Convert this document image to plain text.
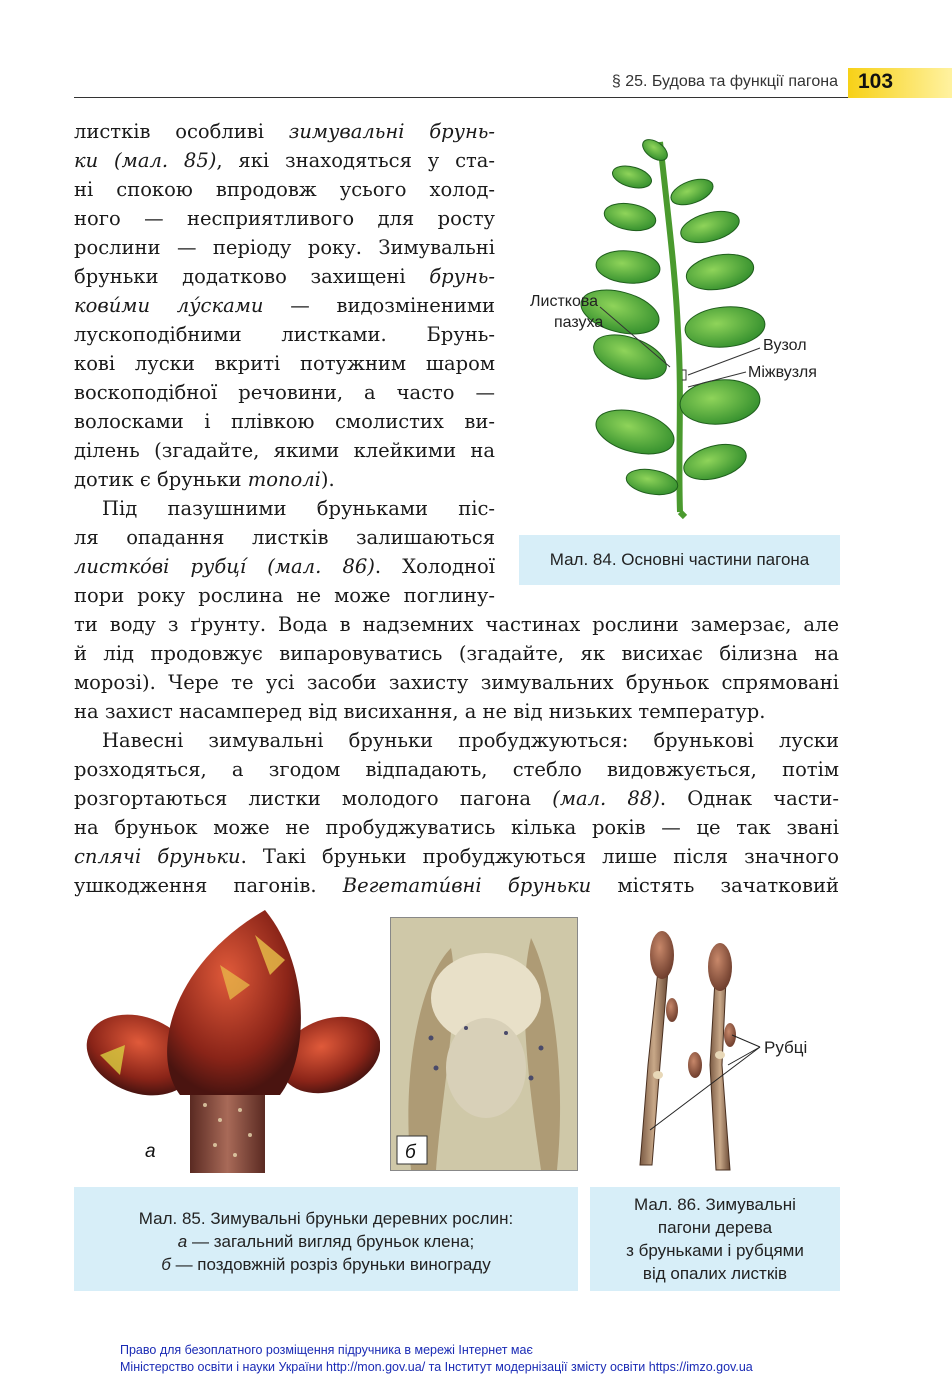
§ 25. Будова та функції пагона 103
листків особливі зимувальні брунь-
ки (мал. 85), які знаходяться у ста-
ні спокою впродовж усього холод-
ного — несприятливого для росту
рослини — періоду року. Зимувальні
бруньки додатково захищені брунь-
кови́ми лу́сками — видозміненими
лускоподібними листками. Брунь-
кові луски вкриті потужним шаром
воскоподібної речовини, а часто —
волосками і плівкою смолистих ви-
ділень (згадайте, якими клейкими на
дотик є бруньки тополі).
Під пазушними бруньками піс-
ля опадання листків залишаються
листко́ві рубці́ (мал. 86). Холодної
пори року рослина не може поглину-
ти воду з ґрунту. Вода в надземних частинах рослини замерзає, але
й лід продовжує випаровуватись (згадайте, як висихає білизна на
морозі). Чере те усі засоби захисту зимувальних бруньок спрямовані
на захист насамперед від висихання, а не від низьких температур.
Навесні зимувальні бруньки пробуджуються: бруньковi луски
розходяться, а згодом відпадають, стебло видовжується, потім
розгортаються листки молодого пагона (мал. 88). Однак части-
на бруньок може не пробуджуватись кілька років — це так звані
сплячі бруньки. Такі бруньки пробуджуються лише після значного
ушкодження пагонів. Вегетати́вні бруньки містять зачатковий
Листкова
пазуха
Вузол
Міжвузля
Мал. 84. Основні частини пагона
а	б
Рубці
Мал. 85. Зимувальні бруньки деревних рослин:
а — загальний вигляд бруньок клена;
б — поздовжній розріз бруньки винограду
Мал. 86. Зимувальні
пагони дерева
з бруньками і рубцями
від опалих листків
Право для безоплатного розміщення підручника в мережі Інтернет має
Міністерство освіти і науки України http://mon.gov.ua/ та Інститут модернізації змісту освіти https://imzo.gov.ua
